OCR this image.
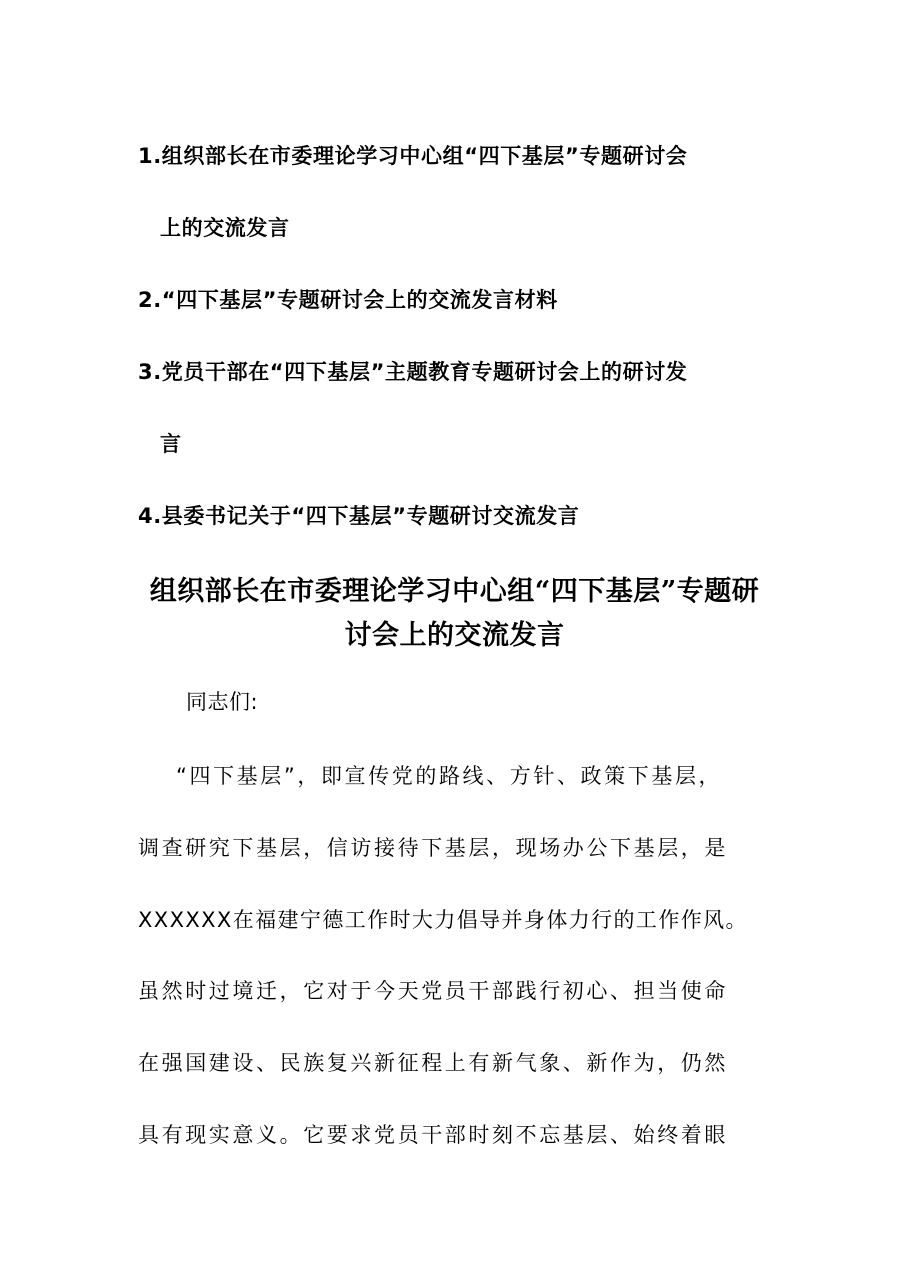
1.组织部长在市委理论学习中心组“四下基层”专题研讨会
上的交流发言
2.“四下基层”专题研讨会上的交流发言材料
3.党员干部在“四下基层”主题教育专题研讨会上的研讨发
言
4.县委书记关于“四下基层”专题研讨交流发言
组织部长在市委理论学习中心组“四下基层”专题研
讨会上的交流发言

同志们:

“四下基层”，即宣传党的路线、方针、政策下基层，
调查研究下基层，信访接待下基层，现场办公下基层，是
XXXXXX在福建宁德工作时大力倡导并身体力行的工作作风。
虽然时过境迁，它对于今天党员干部践行初心、担当使命
在强国建设、民族复兴新征程上有新气象、新作为，仍然
具有现实意义。它要求党员干部时刻不忘基层、始终着眼
